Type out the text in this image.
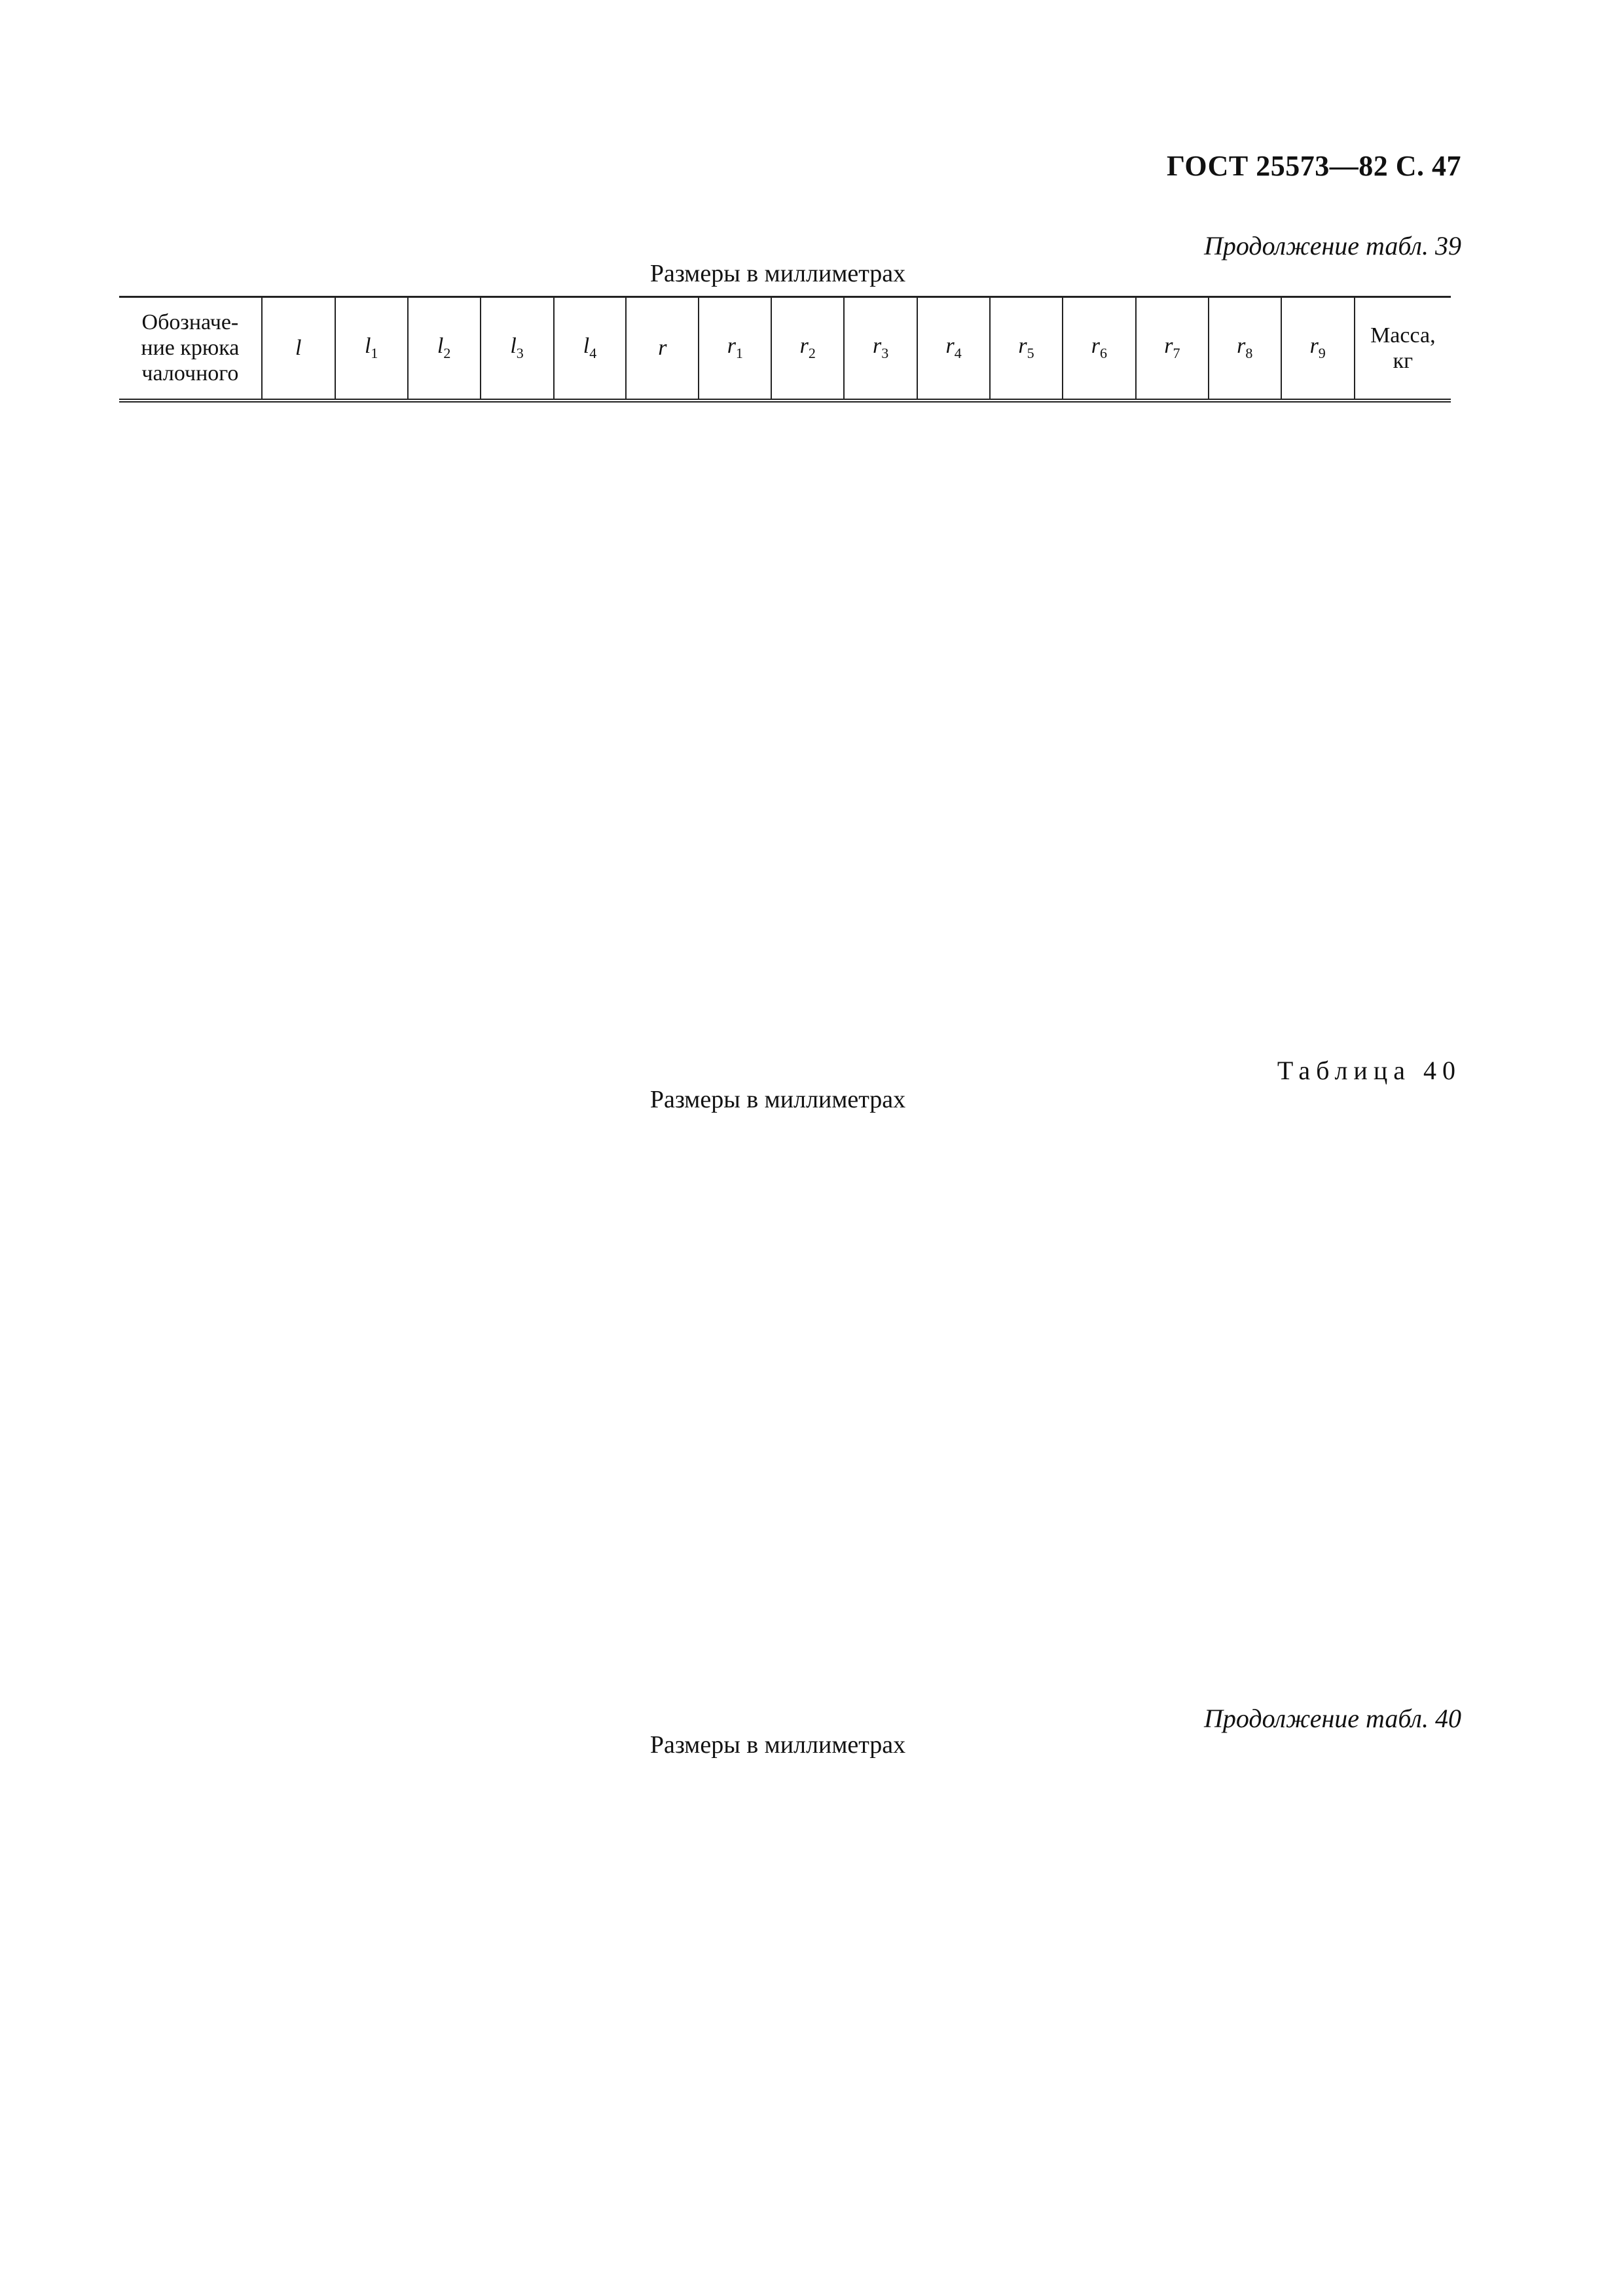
ГОСТ 25573—82 С. 47
Продолжение табл. 39
Размеры в миллиметрах
Обозначе-
ние крюка
чалочного	l	$l_1$	$l_2$	$l_3$	$l_4$	r	$r_1$	$r_2$	$r_3$	$r_4$	$r_5$	$r_6$	$r_7$	$r_8$	$r_9$	Масса,
кг
Таблица 40
Размеры в миллиметрах
Продолжение табл. 40
Размеры в миллиметрах
